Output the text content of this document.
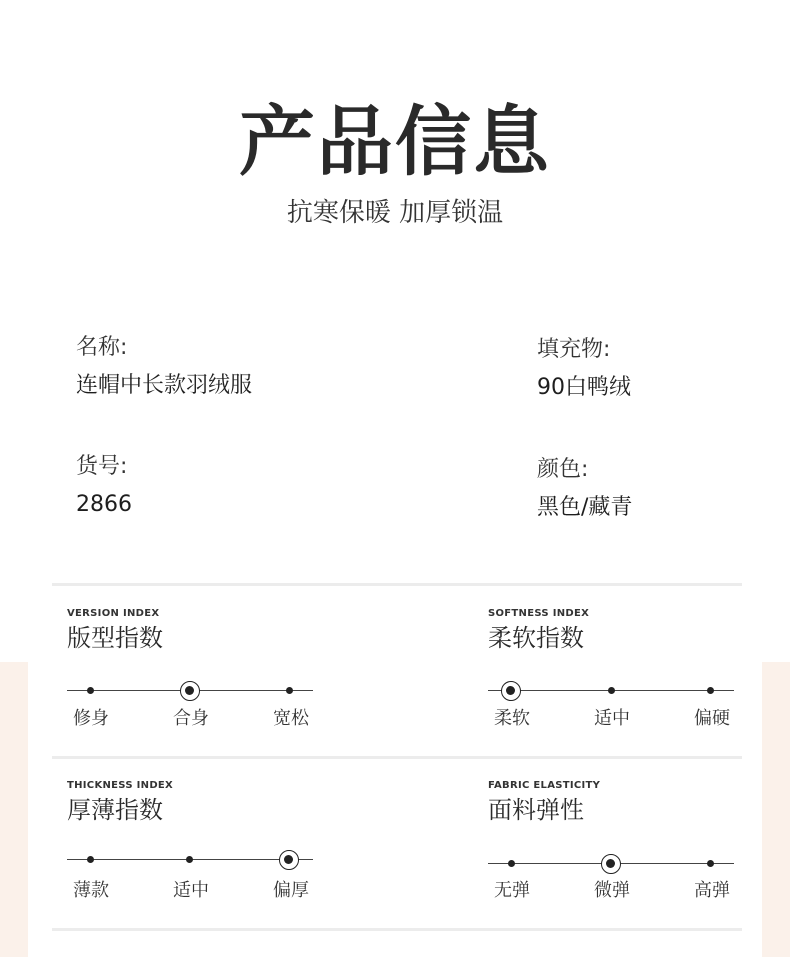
产品信息
抗寒保暖 加厚锁温
名称:
连帽中长款羽绒服
填充物:
90白鸭绒
货号:
2866
颜色:
黑色/藏青
VERSION INDEX
版型指数
修身	合身	宽松
SOFTNESS INDEX
柔软指数
柔软	适中	偏硬
THICKNESS INDEX
厚薄指数
薄款	适中	偏厚
FABRIC ELASTICITY
面料弹性
无弹	微弹	高弹
